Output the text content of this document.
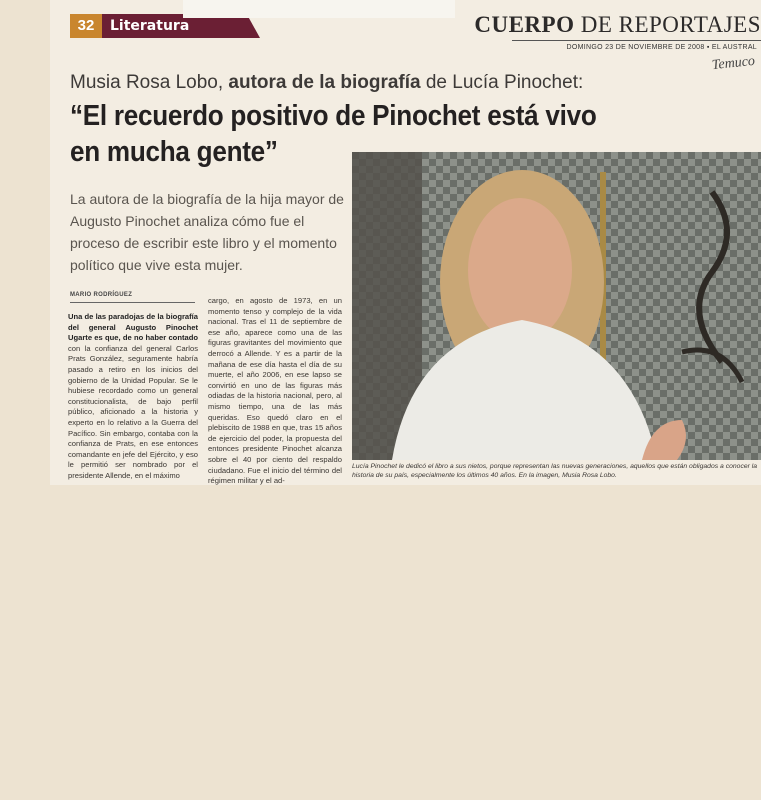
32	Literatura	CUERPO DE REPORTAJES
DOMINGO 23 DE NOVIEMBRE DE 2008 ▪ EL AUSTRAL
Temuco
Musia Rosa Lobo, autora de la biografía de Lucía Pinochet:
“El recuerdo positivo de Pinochet está vivo en mucha gente”
La autora de la biografía de la hija mayor de Augusto Pinochet analiza cómo fue el proceso de escribir este libro y el momento político que vive esta mujer.
MARIO RODRÍGUEZ
Una de las paradojas de la biografía del general Augusto Pinochet Ugarte es que, de no haber contado con la confianza del general Carlos Prats González, seguramente habría pasado a retiro en los inicios del gobierno de la Unidad Popular. Se le hubiese recordado como un general constitucionalista, de bajo perfil público, aficionado a la historia y experto en lo relativo a la Guerra del Pacífico. Sin embargo, contaba con la confianza de Prats, en ese entonces comandante en jefe del Ejército, y eso le permitió ser nombrado por el presidente Allende, en el máximo
cargo, en agosto de 1973, en un momento tenso y complejo de la vida nacional. Tras el 11 de septiembre de ese año, aparece como una de las figuras gravitantes del movimiento que derrocó a Allende. Y es a partir de la mañana de ese día hasta el día de su muerte, el año 2006, en ese lapso se convirtió en uno de las figuras más odiadas de la historia nacional, pero, al mismo tiempo, una de las más queridas. Eso quedó claro en el plebiscito de 1988 en que, tras 15 años de ejercicio del poder, la propuesta del entonces presidente Pinochet alcanza sobre el 40 por ciento del respaldo ciudadano. Fue el inicio del término del régimen militar y el ad-
Lucía Pinochet le dedicó el libro a sus nietos, porque representan las nuevas generaciones, aquellos que están obligados a conocer la historia de su país, especialmente los últimos 40 años. En la imagen, Musia Rosa Lobo.
